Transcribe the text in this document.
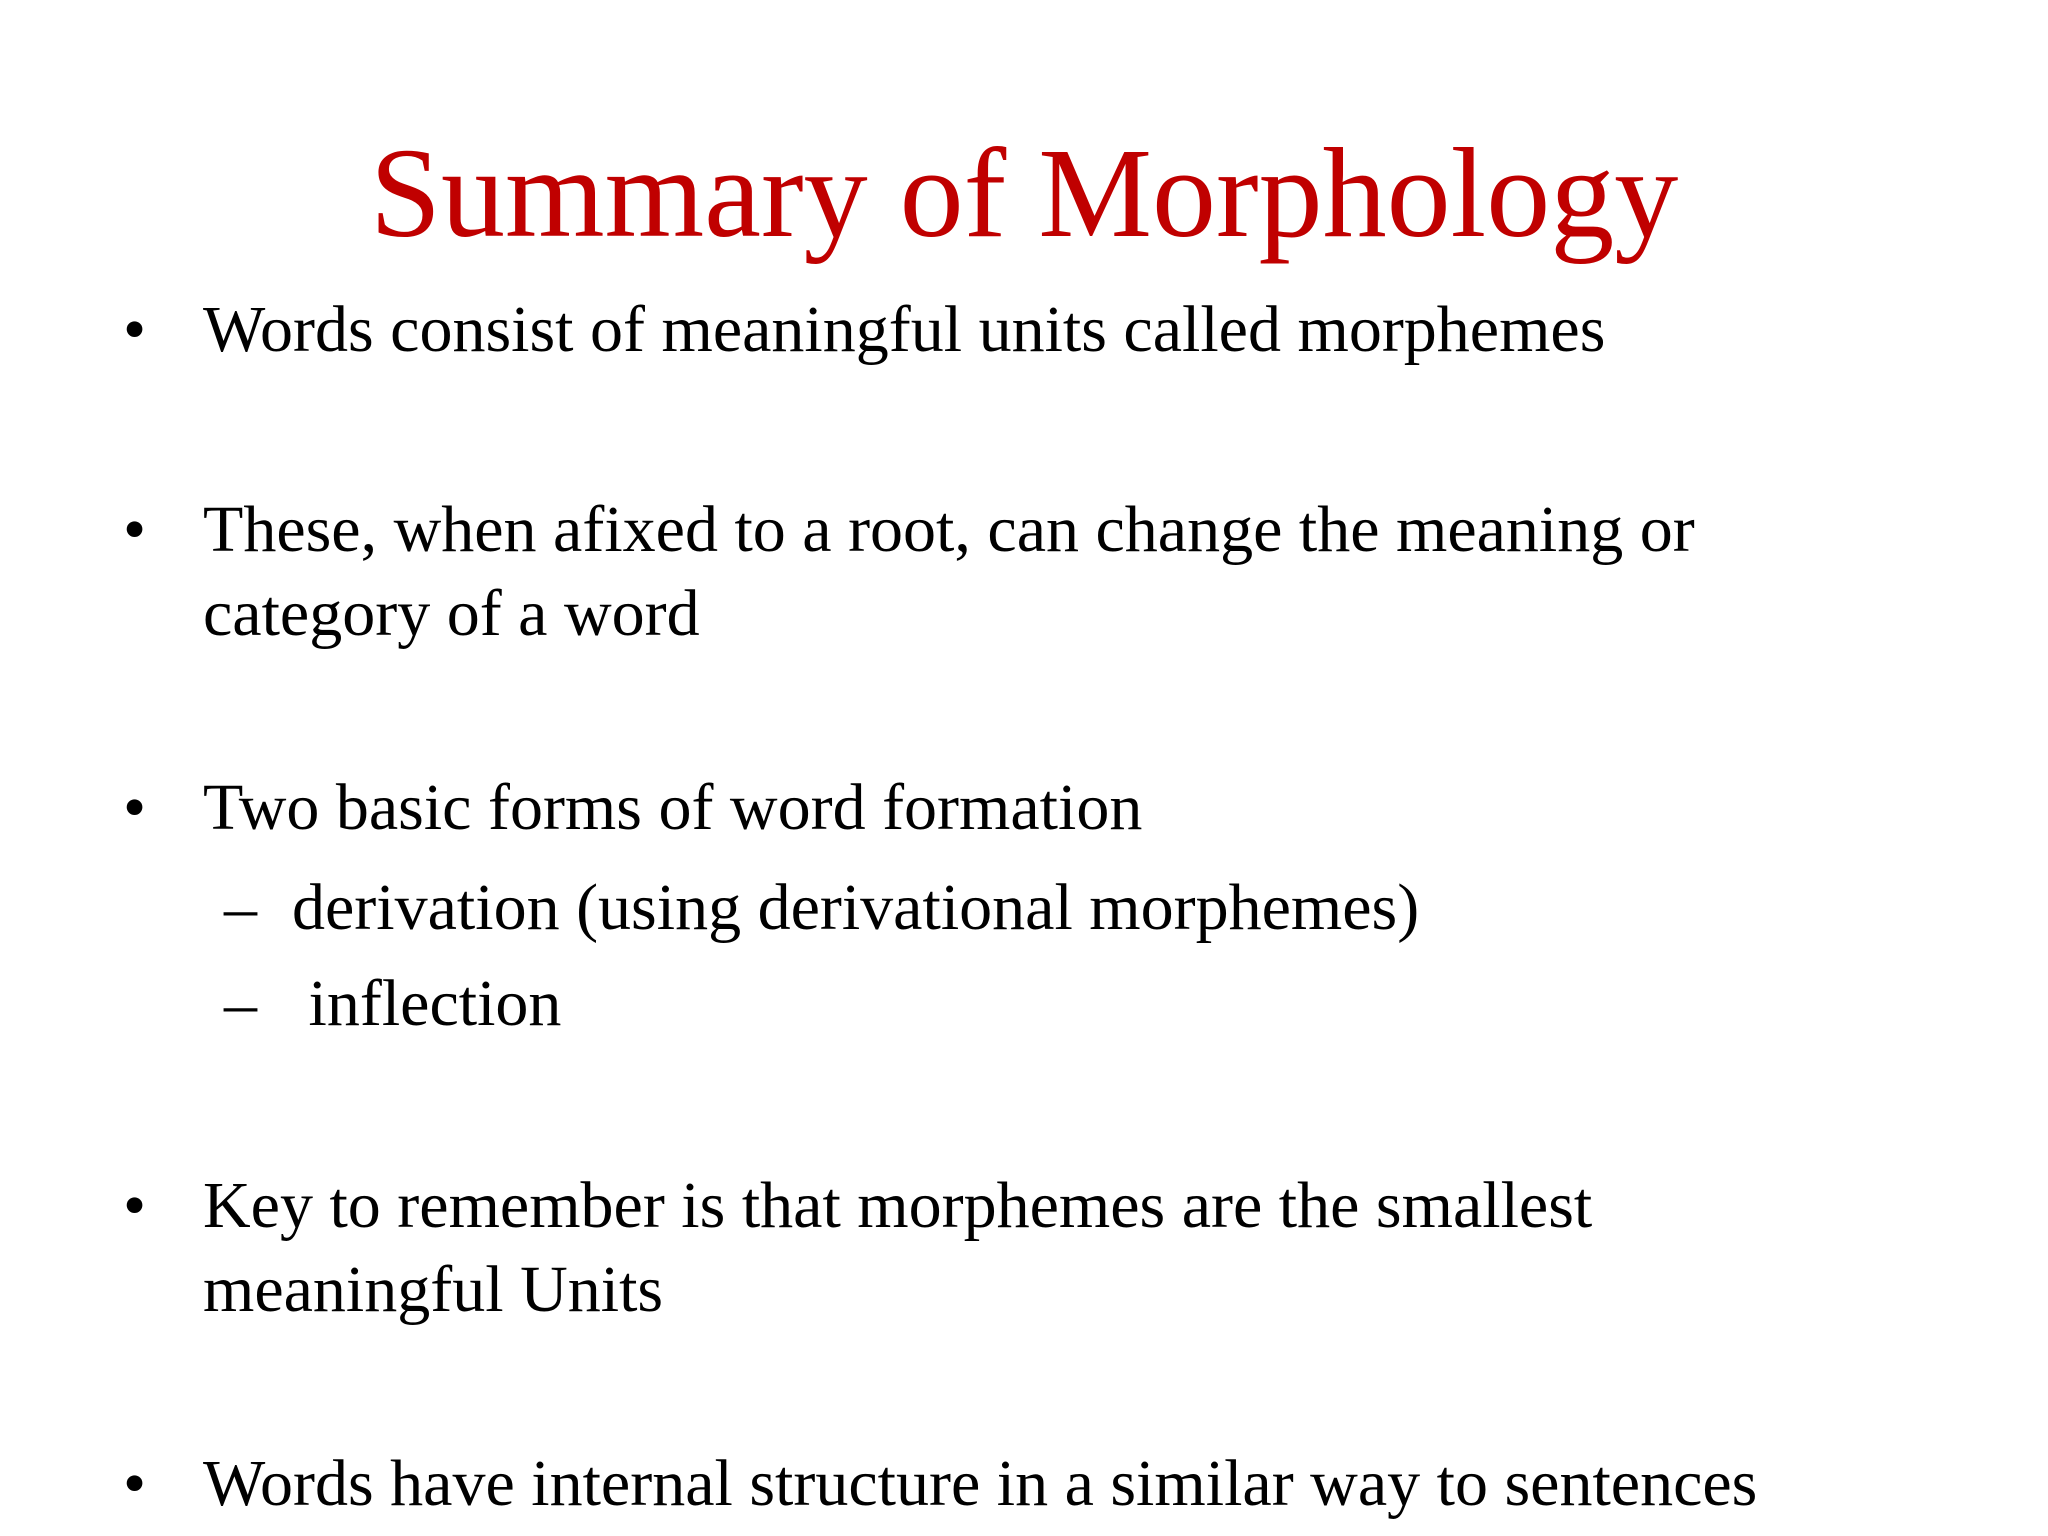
Summary of Morphology
• Words consist of meaningful units called morphemes
• These, when afixed to a root, can change the meaning or
category of a word
• Two basic forms of word formation
– derivation (using derivational morphemes)
– inflection
• Key to remember is that morphemes are the smallest
meaningful Units
• Words have internal structure in a similar way to sentences
